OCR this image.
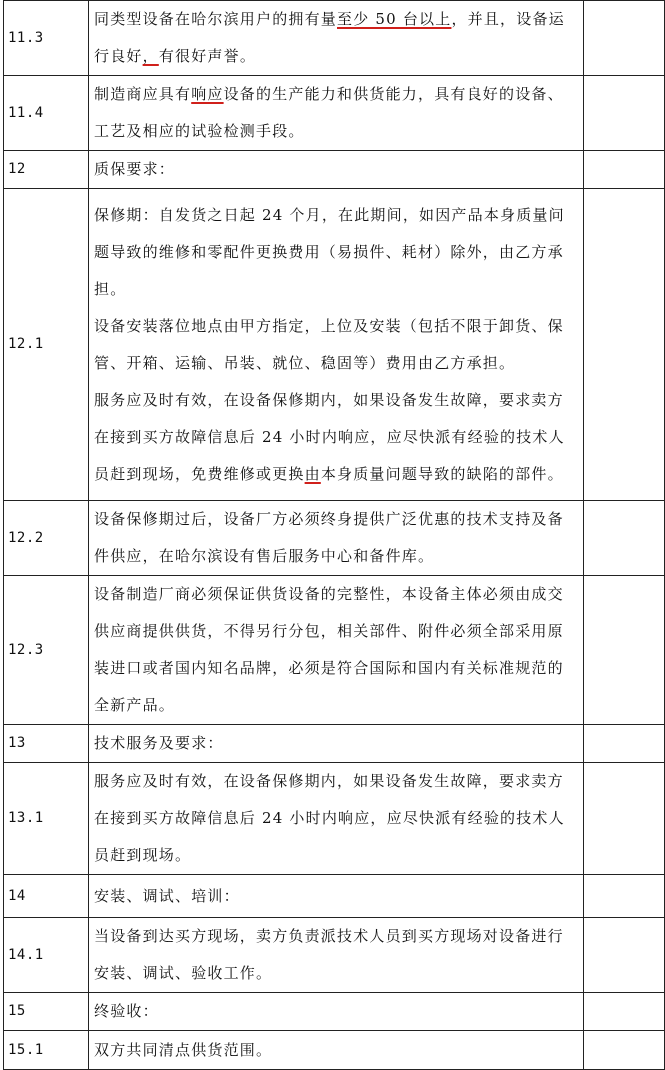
11.3	同类型设备在哈尔滨用户的拥有量至少 50 台以上，并且，设备运行良好，有很好声誉。	

11.4	制造商应具有响应设备的生产能力和供货能力，具有良好的设备、工艺及相应的试验检测手段。	

12	质保要求：	

12.1	保修期：自发货之日起 24 个月，在此期间，如因产品本身质量问题导致的维修和零配件更换费用（易损件、耗材）除外，由乙方承担。

设备安装落位地点由甲方指定，上位及安装（包括不限于卸货、保管、开箱、运输、吊装、就位、稳固等）费用由乙方承担。

服务应及时有效，在设备保修期内，如果设备发生故障，要求卖方在接到买方故障信息后 24 小时内响应，应尽快派有经验的技术人员赶到现场，免费维修或更换由本身质量问题导致的缺陷的部件。	

12.2	设备保修期过后，设备厂方必须终身提供广泛优惠的技术支持及备件供应，在哈尔滨设有售后服务中心和备件库。	

12.3	设备制造厂商必须保证供货设备的完整性，本设备主体必须由成交供应商提供供货，不得另行分包，相关部件、附件必须全部采用原装进口或者国内知名品牌，必须是符合国际和国内有关标准规范的全新产品。	

13	技术服务及要求：	

13.1	服务应及时有效，在设备保修期内，如果设备发生故障，要求卖方在接到买方故障信息后 24 小时内响应，应尽快派有经验的技术人员赶到现场。	

14	安装、调试、培训：	

14.1	当设备到达买方现场，卖方负责派技术人员到买方现场对设备进行安装、调试、验收工作。	

15	终验收：	

15.1	双方共同清点供货范围。	
